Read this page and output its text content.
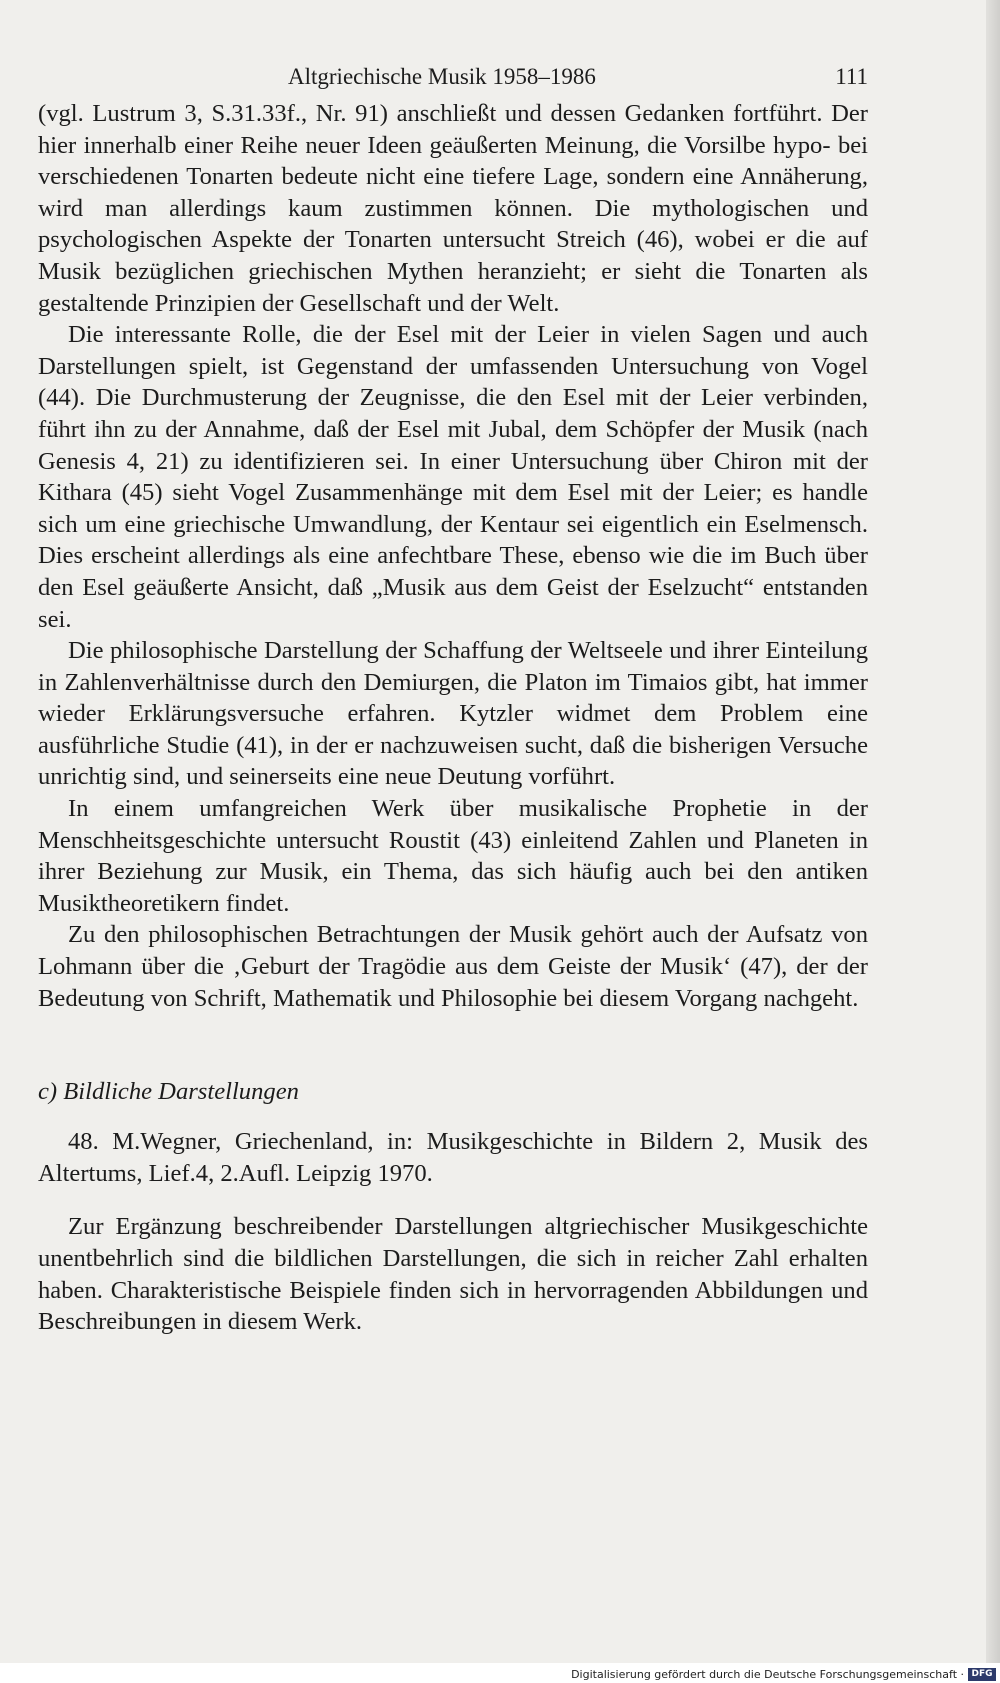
Altgriechische Musik 1958–1986	111

(vgl. Lustrum 3, S.31.33f., Nr. 91) anschließt und dessen Gedanken fortführt. Der hier innerhalb einer Reihe neuer Ideen geäußerten Meinung, die Vorsilbe hypo- bei verschiedenen Tonarten bedeute nicht eine tiefere Lage, sondern eine Annäherung, wird man allerdings kaum zustimmen können. Die mythologischen und psychologischen Aspekte der Tonarten untersucht Streich (46), wobei er die auf Musik bezüglichen griechischen Mythen heranzieht; er sieht die Tonarten als gestaltende Prinzipien der Gesellschaft und der Welt.

Die interessante Rolle, die der Esel mit der Leier in vielen Sagen und auch Darstellungen spielt, ist Gegenstand der umfassenden Untersuchung von Vogel (44). Die Durchmusterung der Zeugnisse, die den Esel mit der Leier verbinden, führt ihn zu der Annahme, daß der Esel mit Jubal, dem Schöpfer der Musik (nach Genesis 4, 21) zu identifizieren sei. In einer Untersuchung über Chiron mit der Kithara (45) sieht Vogel Zusammenhänge mit dem Esel mit der Leier; es handle sich um eine griechische Umwandlung, der Kentaur sei eigentlich ein Eselmensch. Dies erscheint allerdings als eine anfechtbare These, ebenso wie die im Buch über den Esel geäußerte Ansicht, daß „Musik aus dem Geist der Eselzucht“ entstanden sei.

Die philosophische Darstellung der Schaffung der Weltseele und ihrer Einteilung in Zahlenverhältnisse durch den Demiurgen, die Platon im Timaios gibt, hat immer wieder Erklärungsversuche erfahren. Kytzler widmet dem Problem eine ausführliche Studie (41), in der er nachzuweisen sucht, daß die bisherigen Versuche unrichtig sind, und seinerseits eine neue Deutung vorführt.

In einem umfangreichen Werk über musikalische Prophetie in der Menschheitsgeschichte untersucht Roustit (43) einleitend Zahlen und Planeten in ihrer Beziehung zur Musik, ein Thema, das sich häufig auch bei den antiken Musiktheoretikern findet.

Zu den philosophischen Betrachtungen der Musik gehört auch der Aufsatz von Lohmann über die ‚Geburt der Tragödie aus dem Geiste der Musik‘ (47), der der Bedeutung von Schrift, Mathematik und Philosophie bei diesem Vorgang nachgeht.

c) Bildliche Darstellungen

48. M.Wegner, Griechenland, in: Musikgeschichte in Bildern 2, Musik des Altertums, Lief.4, 2.Aufl. Leipzig 1970.

Zur Ergänzung beschreibender Darstellungen altgriechischer Musikgeschichte unentbehrlich sind die bildlichen Darstellungen, die sich in reicher Zahl erhalten haben. Charakteristische Beispiele finden sich in hervorragenden Abbildungen und Beschreibungen in diesem Werk.

Digitalisierung gefördert durch die Deutsche Forschungsgemeinschaft · DFG
